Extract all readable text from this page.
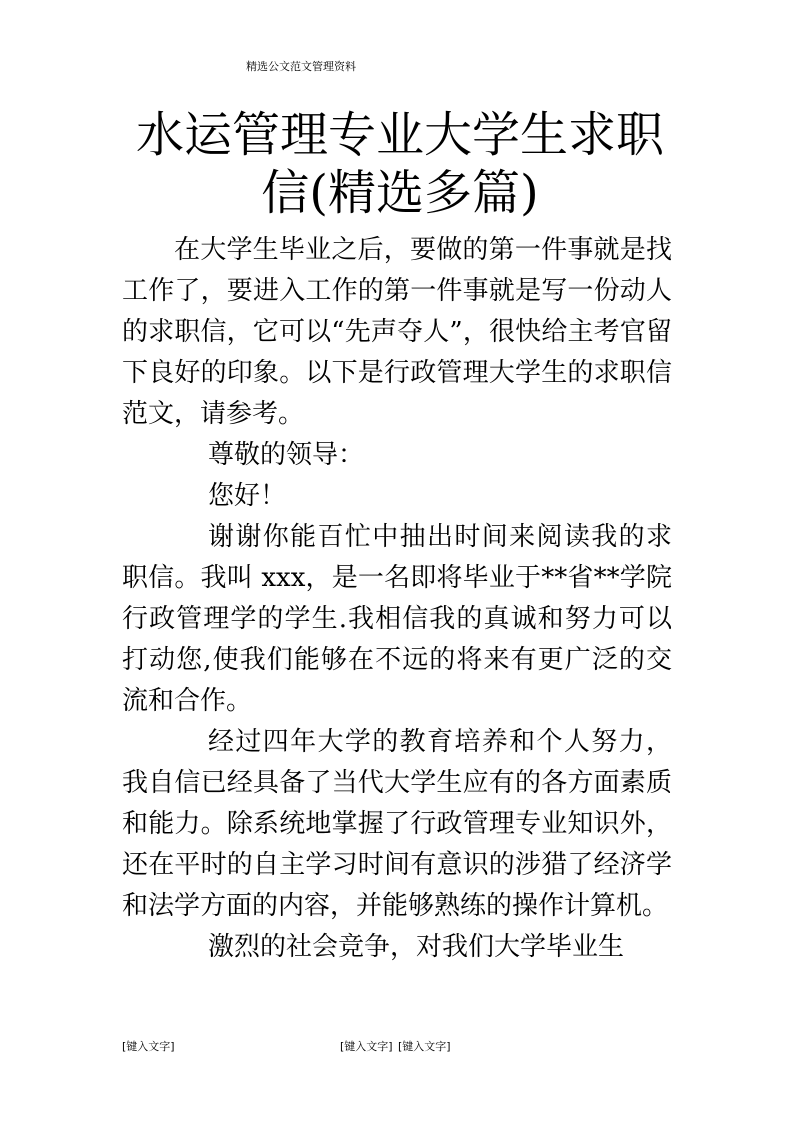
精选公文范文管理资料
水运管理专业大学生求职信(精选多篇)

在大学生毕业之后，要做的第一件事就是找工作了，要进入工作的第一件事就是写一份动人的求职信，它可以“先声夺人”，很快给主考官留下良好的印象。以下是行政管理大学生的求职信范文，请参考。

尊敬的领导：

您好！

谢谢你能百忙中抽出时间来阅读我的求职信。我叫 xxx，是一名即将毕业于**省**学院行政管理学的学生.我相信我的真诚和努力可以打动您,使我们能够在不远的将来有更广泛的交流和合作。

经过四年大学的教育培养和个人努力，我自信已经具备了当代大学生应有的各方面素质和能力。除系统地掌握了行政管理专业知识外，还在平时的自主学习时间有意识的涉猎了经济学和法学方面的内容，并能够熟练的操作计算机。

激烈的社会竞争，对我们大学毕业生

[键入文字]	[键入文字] [键入文字]
